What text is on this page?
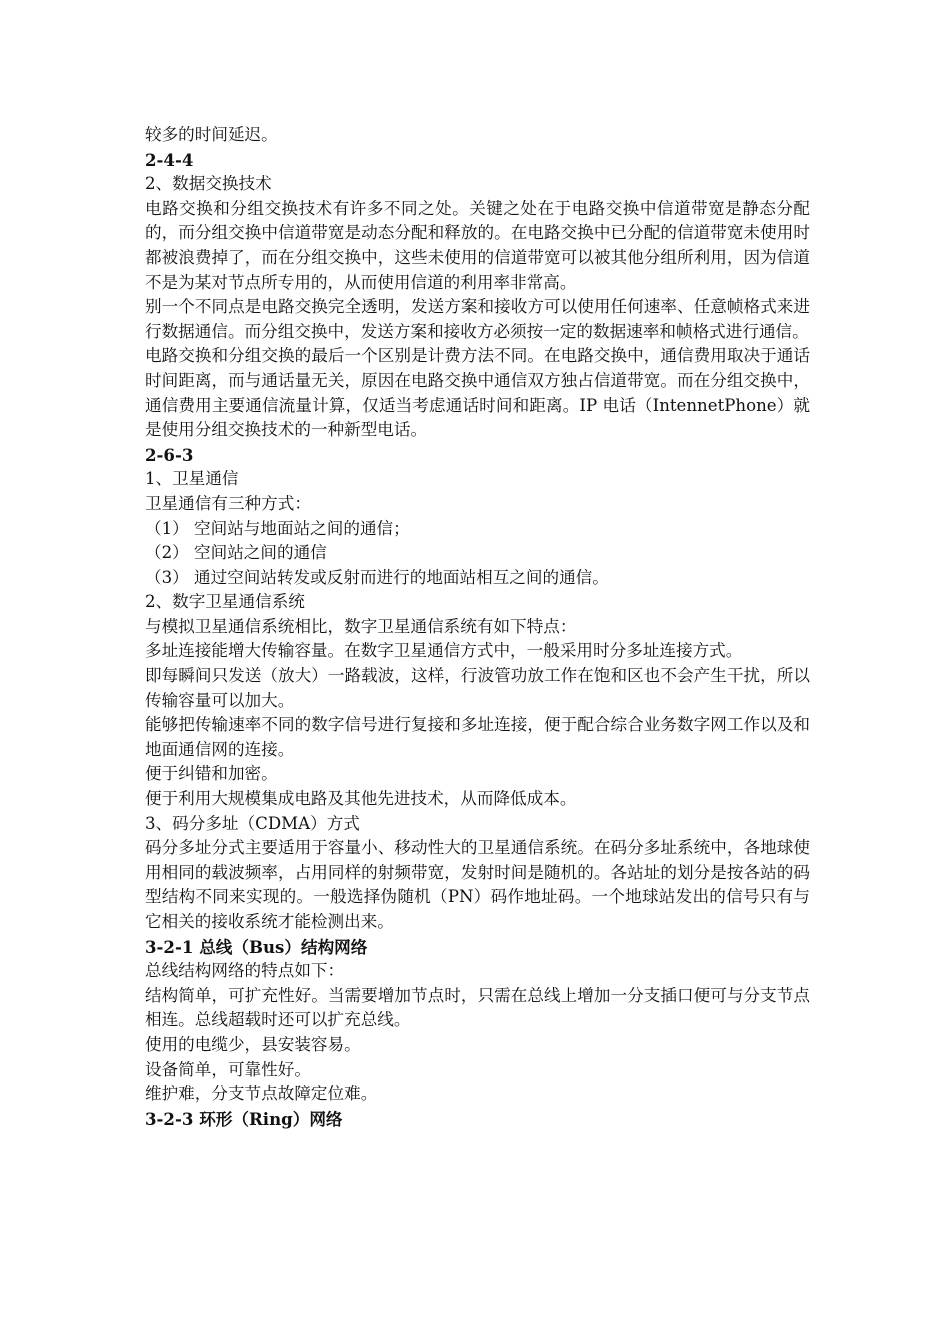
较多的时间延迟。

2-4-4

2、数据交换技术

电路交换和分组交换技术有许多不同之处。关键之处在于电路交换中信道带宽是静态分配的，而分组交换中信道带宽是动态分配和释放的。在电路交换中已分配的信道带宽未使用时都被浪费掉了，而在分组交换中，这些未使用的信道带宽可以被其他分组所利用，因为信道不是为某对节点所专用的，从而使用信道的利用率非常高。

别一个不同点是电路交换完全透明，发送方案和接收方可以使用任何速率、任意帧格式来进行数据通信。而分组交换中，发送方案和接收方必须按一定的数据速率和帧格式进行通信。

电路交换和分组交换的最后一个区别是计费方法不同。在电路交换中，通信费用取决于通话时间距离，而与通话量无关，原因在电路交换中通信双方独占信道带宽。而在分组交换中，通信费用主要通信流量计算，仅适当考虑通话时间和距离。IP 电话（IntennetPhone）就是使用分组交换技术的一种新型电话。

2-6-3

1、卫星通信

卫星通信有三种方式：

（1） 空间站与地面站之间的通信；

（2） 空间站之间的通信

（3） 通过空间站转发或反射而进行的地面站相互之间的通信。

2、数字卫星通信系统

与模拟卫星通信系统相比，数字卫星通信系统有如下特点：

多址连接能增大传输容量。在数字卫星通信方式中，一般采用时分多址连接方式。

即每瞬间只发送（放大）一路载波，这样，行波管功放工作在饱和区也不会产生干扰，所以传输容量可以加大。

能够把传输速率不同的数字信号进行复接和多址连接，便于配合综合业务数字网工作以及和地面通信网的连接。

便于纠错和加密。

便于利用大规模集成电路及其他先进技术，从而降低成本。

3、码分多址（CDMA）方式

码分多址分式主要适用于容量小、移动性大的卫星通信系统。在码分多址系统中，各地球使用相同的载波频率，占用同样的射频带宽，发射时间是随机的。各站址的划分是按各站的码型结构不同来实现的。一般选择伪随机（PN）码作地址码。一个地球站发出的信号只有与它相关的接收系统才能检测出来。

3-2-1 总线（Bus）结构网络

总线结构网络的特点如下：

结构简单，可扩充性好。当需要增加节点时，只需在总线上增加一分支插口便可与分支节点相连。总线超载时还可以扩充总线。

使用的电缆少，县安装容易。

设备简单，可靠性好。

维护难，分支节点故障定位难。

3-2-3 环形（Ring）网络
